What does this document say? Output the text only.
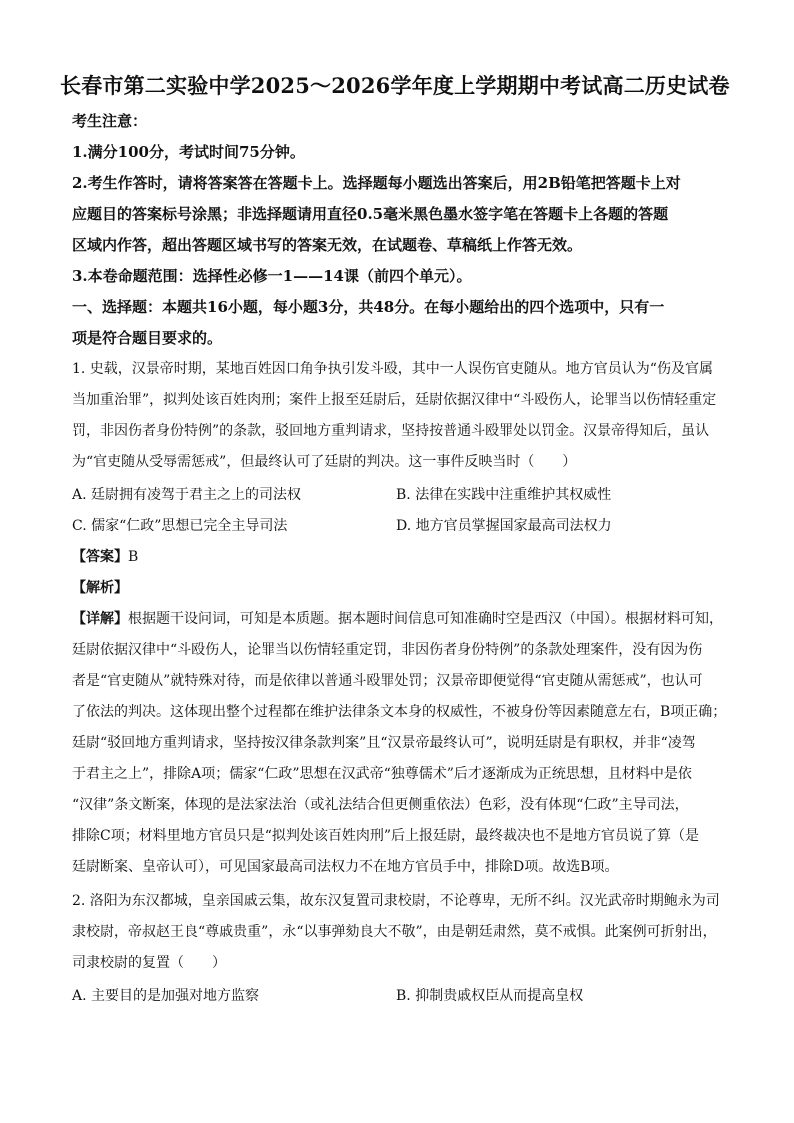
长春市第二实验中学2025～2026学年度上学期期中考试高二历史试卷
考生注意：
1.满分100分，考试时间75分钟。
2.考生作答时，请将答案答在答题卡上。选择题每小题选出答案后，用2B铅笔把答题卡上对
应题目的答案标号涂黑；非选择题请用直径0.5毫米黑色墨水签字笔在答题卡上各题的答题
区域内作答，超出答题区域书写的答案无效，在试题卷、草稿纸上作答无效。
3.本卷命题范围：选择性必修一1——14课（前四个单元）。
一、选择题：本题共16小题，每小题3分，共48分。在每小题给出的四个选项中，只有一
项是符合题目要求的。
1. 史载，汉景帝时期，某地百姓因口角争执引发斗殴，其中一人误伤官吏随从。地方官员认为“伤及官属
当加重治罪”，拟判处该百姓肉刑；案件上报至廷尉后，廷尉依据汉律中“斗殴伤人，论罪当以伤情轻重定
罚，非因伤者身份特例”的条款，驳回地方重判请求，坚持按普通斗殴罪处以罚金。汉景帝得知后，虽认
为“官吏随从受辱需惩戒”，但最终认可了廷尉的判决。这一事件反映当时（　　）
A. 廷尉拥有凌驾于君主之上的司法权	B. 法律在实践中注重维护其权威性
C. 儒家“仁政”思想已完全主导司法	D. 地方官员掌握国家最高司法权力
【答案】B
【解析】
【详解】根据题干设问词，可知是本质题。据本题时间信息可知准确时空是西汉（中国）。根据材料可知，
廷尉依据汉律中“斗殴伤人，论罪当以伤情轻重定罚，非因伤者身份特例”的条款处理案件，没有因为伤
者是“官吏随从”就特殊对待，而是依律以普通斗殴罪处罚；汉景帝即便觉得“官吏随从需惩戒”，也认可
了依法的判决。这体现出整个过程都在维护法律条文本身的权威性，不被身份等因素随意左右，B项正确；
廷尉“驳回地方重判请求，坚持按汉律条款判案”且“汉景帝最终认可”，说明廷尉是有职权，并非“凌驾
于君主之上”，排除A项；儒家“仁政”思想在汉武帝“独尊儒术”后才逐渐成为正统思想，且材料中是依
“汉律”条文断案，体现的是法家法治（或礼法结合但更侧重依法）色彩，没有体现“仁政”主导司法，
排除C项；材料里地方官员只是“拟判处该百姓肉刑”后上报廷尉，最终裁决也不是地方官员说了算（是
廷尉断案、皇帝认可），可见国家最高司法权力不在地方官员手中，排除D项。故选B项。
2. 洛阳为东汉都城，皇亲国戚云集，故东汉复置司隶校尉，不论尊卑，无所不纠。汉光武帝时期鲍永为司
隶校尉，帝叔赵王良“尊戚贵重”，永“以事弹劾良大不敬”，由是朝廷肃然，莫不戒惧。此案例可折射出，
司隶校尉的复置（　　）
A. 主要目的是加强对地方监察	B. 抑制贵戚权臣从而提高皇权
